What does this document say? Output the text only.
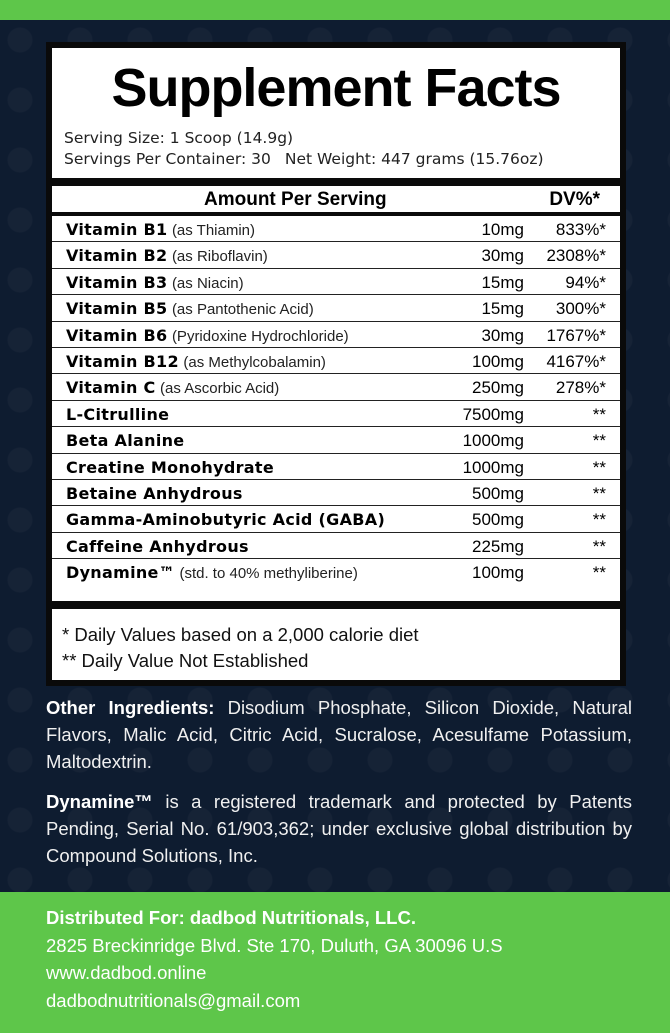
Supplement Facts
Serving Size: 1 Scoop (14.9g)
Servings Per Container: 30 Net Weight: 447 grams (15.76oz)
Amount Per Serving	DV%*
Vitamin B1 (as Thiamin)	10mg 833%*
Vitamin B2 (as Riboflavin)	30mg 2308%*
Vitamin B3 (as Niacin)	15mg 94%*
Vitamin B5 (as Pantothenic Acid)	15mg 300%*
Vitamin B6 (Pyridoxine Hydrochloride)	30mg 1767%*
Vitamin B12 (as Methylcobalamin)	100mg 4167%*
Vitamin C (as Ascorbic Acid)	250mg 278%*
L-Citrulline	7500mg	**
Beta Alanine	1000mg	**
Creatine Monohydrate	1000mg	**
Betaine Anhydrous	500mg	**
Gamma-Aminobutyric Acid (GABA)	500mg	**
Caffeine Anhydrous	225mg	**
Dynamine™ (std. to 40% methyliberine)	100mg	**
* Daily Values based on a 2,000 calorie diet
** Daily Value Not Established
Other Ingredients: Disodium Phosphate, Silicon Dioxide, Natural Flavors, Malic Acid, Citric Acid, Sucralose, Acesulfame Potassium, Maltodextrin.
Dynamine™ is a registered trademark and protected by Patents Pending, Serial No. 61/903,362; under exclusive global distribution by Compound Solutions, Inc.
Distributed For: dadbod Nutritionals, LLC.
2825 Breckinridge Blvd. Ste 170, Duluth, GA 30096 U.S
www.dadbod.online
dadbodnutritionals@gmail.com
